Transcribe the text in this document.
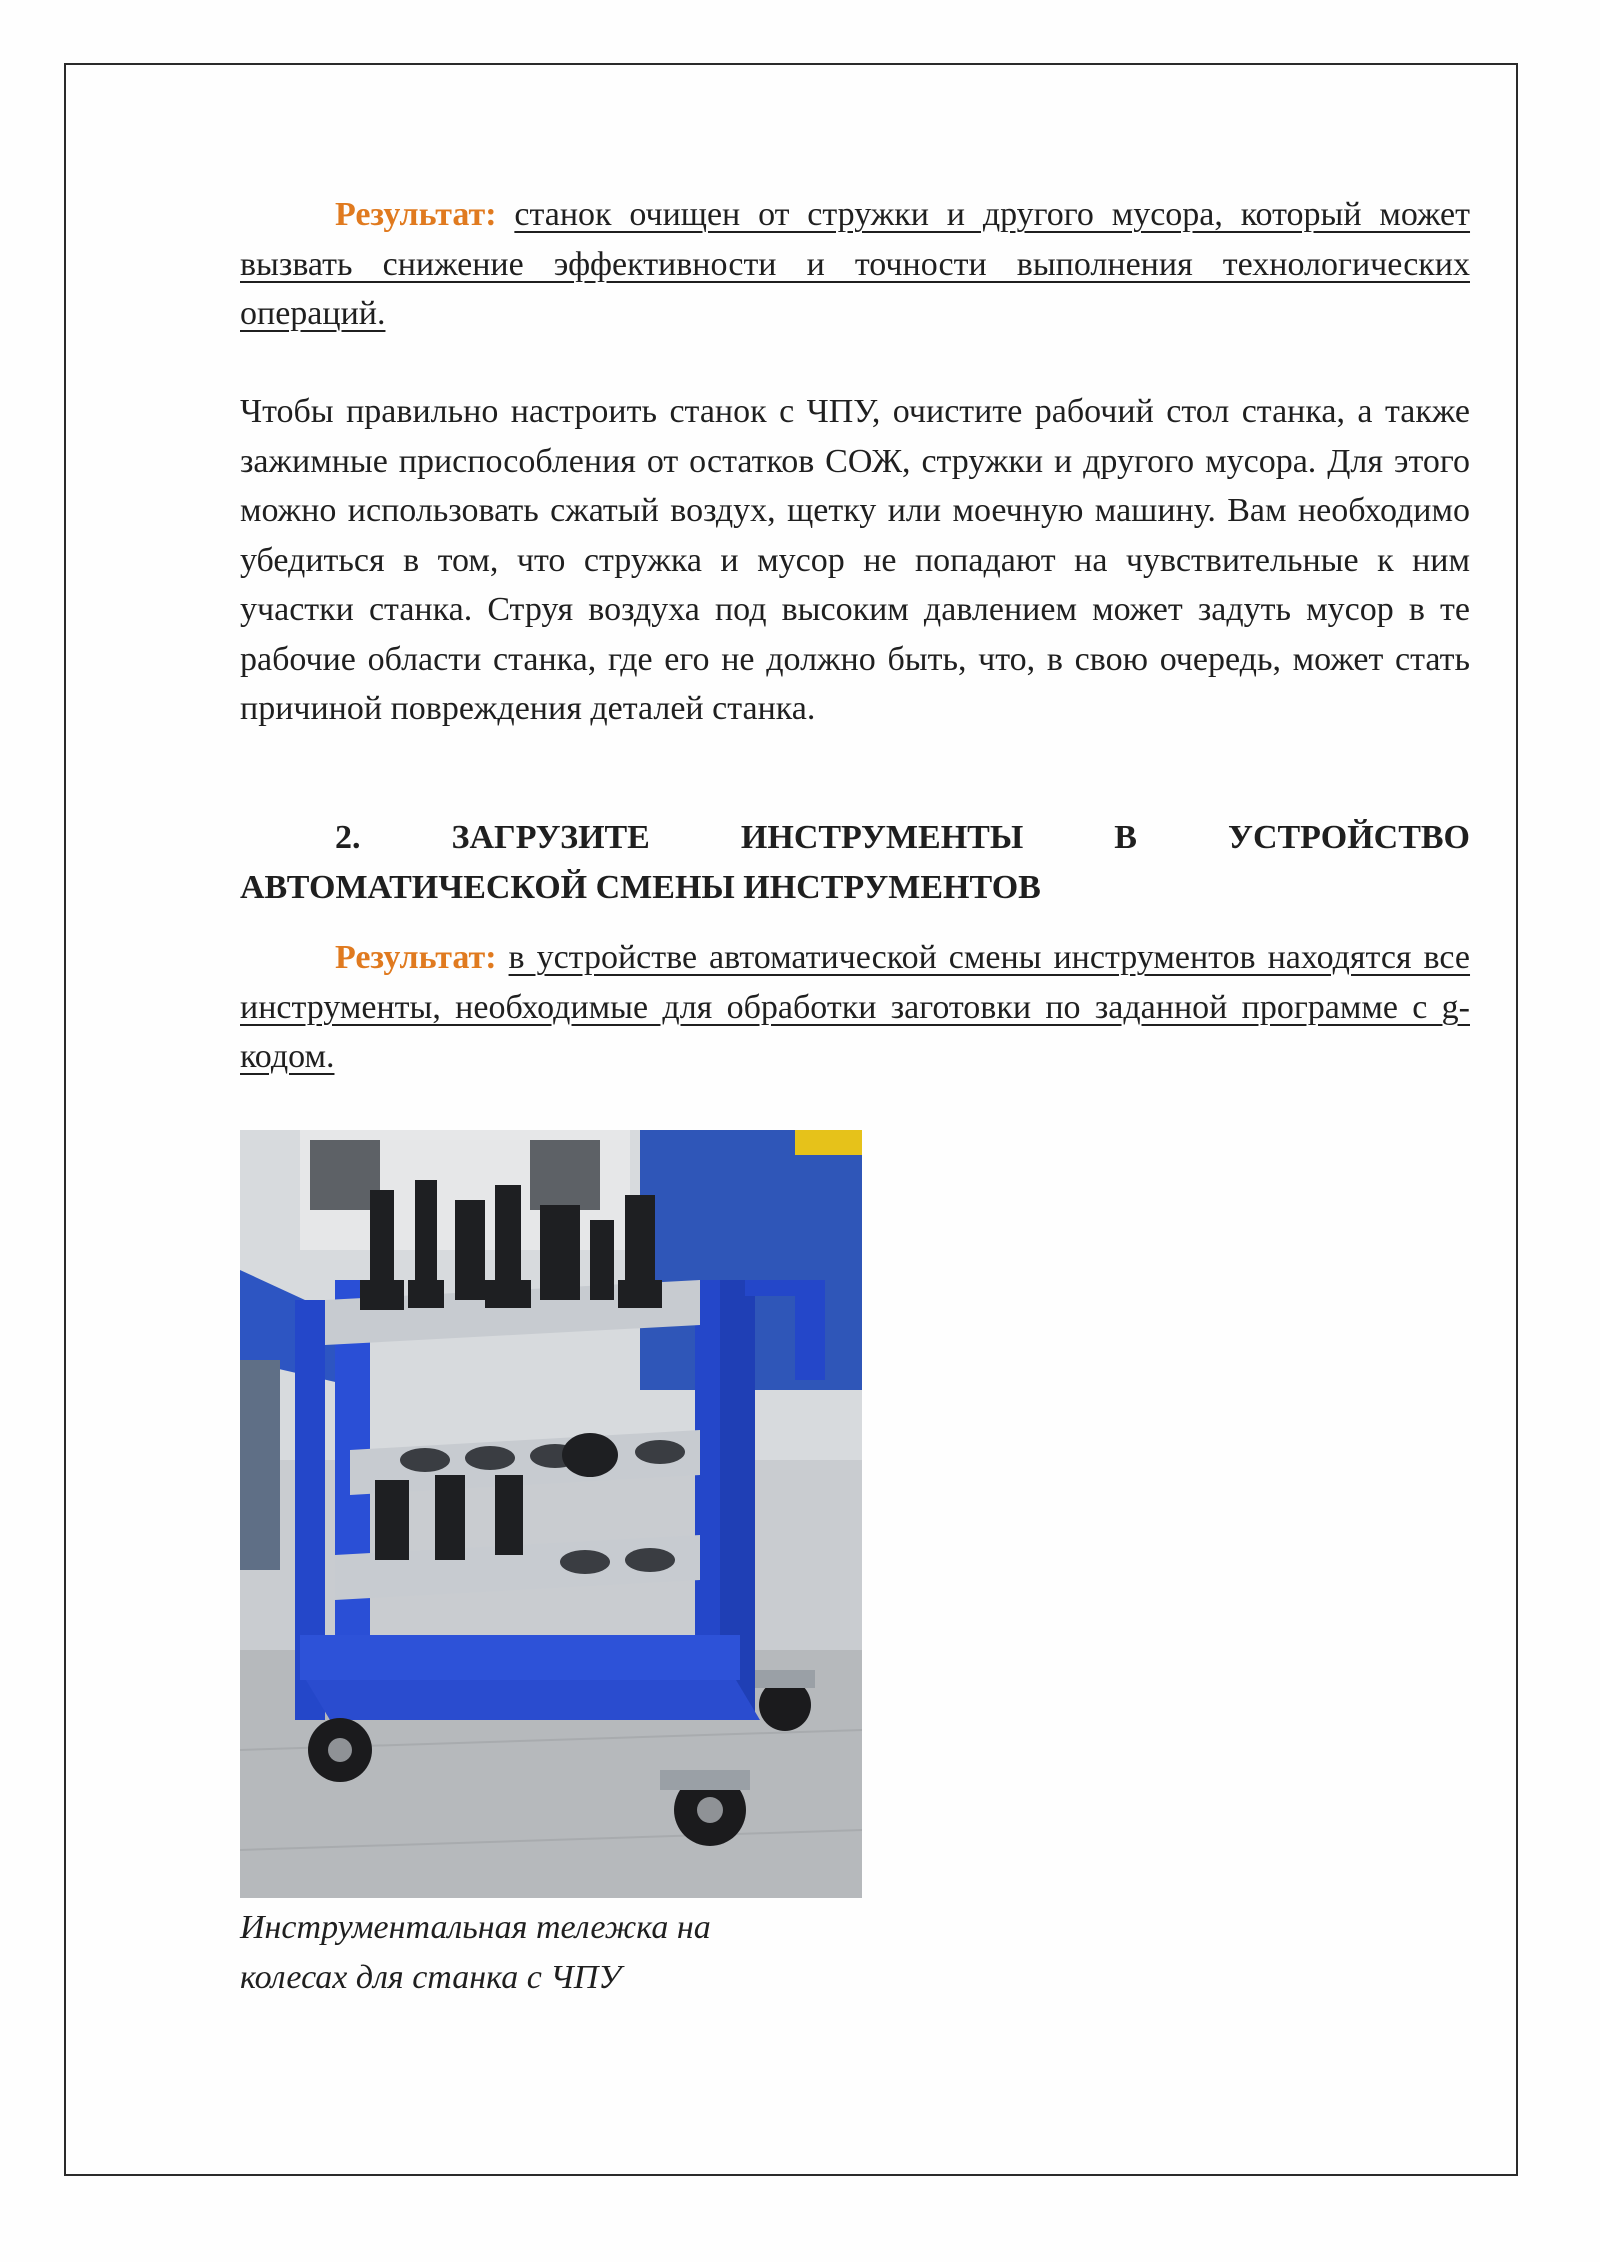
Результат: станок очищен от стружки и другого мусора, который может вызвать снижение эффективности и точности выполнения технологических операций.
Чтобы правильно настроить станок с ЧПУ, очистите рабочий стол станка, а также зажимные приспособления от остатков СОЖ, стружки и другого мусора. Для этого можно использовать сжатый воздух, щетку или моечную машину. Вам необходимо убедиться в том, что стружка и мусор не попадают на чувствительные к ним участки станка. Струя воздуха под высоким давлением может задуть мусор в те рабочие области станка, где его не должно быть, что, в свою очередь, может стать причиной повреждения деталей станка.
2. ЗАГРУЗИТЕ ИНСТРУМЕНТЫ В УСТРОЙСТВО АВТОМАТИЧЕСКОЙ СМЕНЫ ИНСТРУМЕНТОВ
Результат: в устройстве автоматической смены инструментов находятся все инструменты, необходимые для обработки заготовки по заданной программе с g-кодом.
Инструментальная тележка на
колесах для станка с ЧПУ
